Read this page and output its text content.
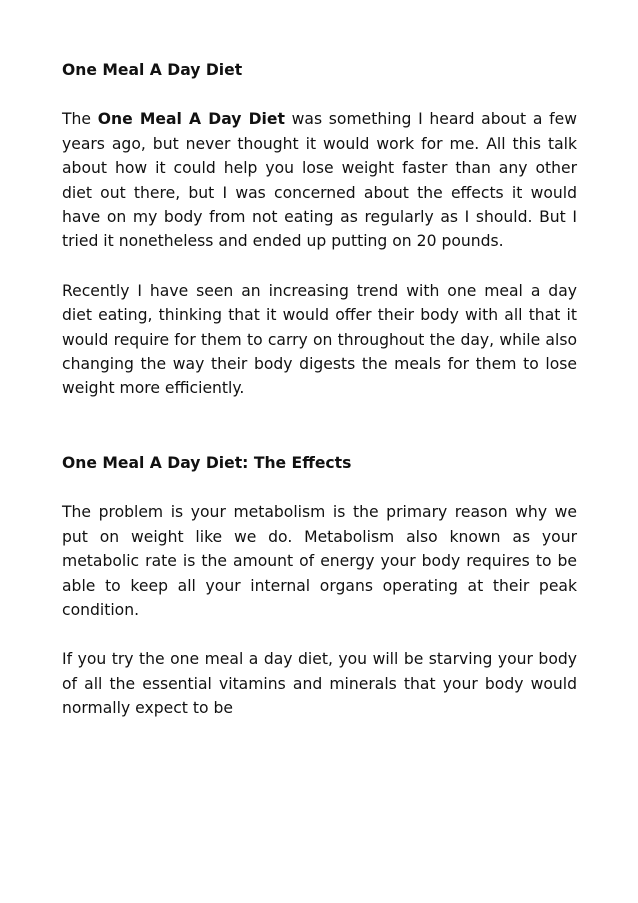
One Meal A Day Diet

The One Meal A Day Diet was something I heard about a few years ago, but never thought it would work for me. All this talk about how it could help you lose weight faster than any other diet out there, but I was concerned about the effects it would have on my body from not eating as regularly as I should. But I tried it nonetheless and ended up putting on 20 pounds.

Recently I have seen an increasing trend with one meal a day diet eating, thinking that it would offer their body with all that it would require for them to carry on throughout the day, while also changing the way their body digests the meals for them to lose weight more efficiently.

One Meal A Day Diet: The Effects

The problem is your metabolism is the primary reason why we put on weight like we do. Metabolism also known as your metabolic rate is the amount of energy your body requires to be able to keep all your internal organs operating at their peak condition.

If you try the one meal a day diet, you will be starving your body of all the essential vitamins and minerals that your body would normally expect to be
